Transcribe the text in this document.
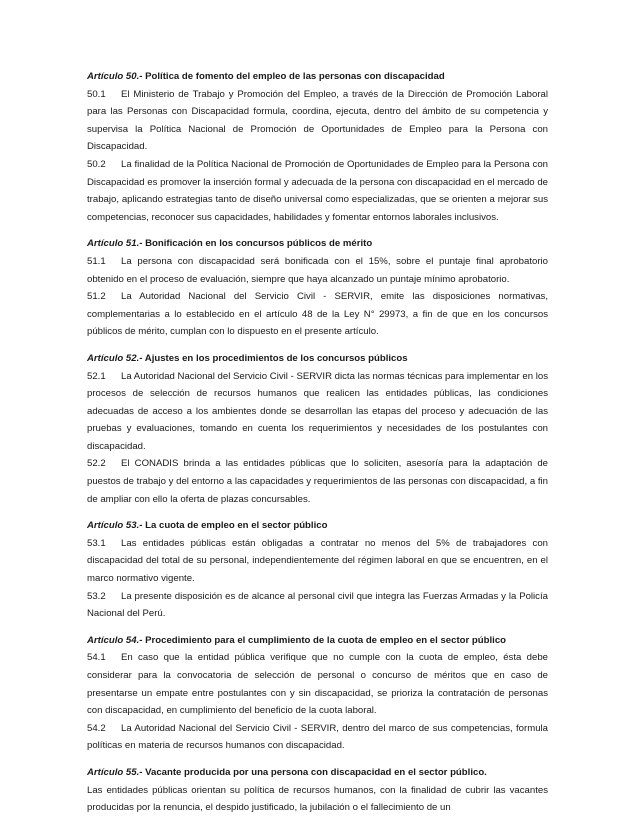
Artículo 50.- Política de fomento del empleo de las personas con discapacidad

50.1 El Ministerio de Trabajo y Promoción del Empleo, a través de la Dirección de Promoción Laboral para las Personas con Discapacidad formula, coordina, ejecuta, dentro del ámbito de su competencia y supervisa la Política Nacional de Promoción de Oportunidades de Empleo para la Persona con Discapacidad.

50.2 La finalidad de la Política Nacional de Promoción de Oportunidades de Empleo para la Persona con Discapacidad es promover la inserción formal y adecuada de la persona con discapacidad en el mercado de trabajo, aplicando estrategias tanto de diseño universal como especializadas, que se orienten a mejorar sus competencias, reconocer sus capacidades, habilidades y fomentar entornos laborales inclusivos.

Artículo 51.- Bonificación en los concursos públicos de mérito

51.1 La persona con discapacidad será bonificada con el 15%, sobre el puntaje final aprobatorio obtenido en el proceso de evaluación, siempre que haya alcanzado un puntaje mínimo aprobatorio.

51.2 La Autoridad Nacional del Servicio Civil - SERVIR, emite las disposiciones normativas, complementarias a lo establecido en el artículo 48 de la Ley N° 29973, a fin de que en los concursos públicos de mérito, cumplan con lo dispuesto en el presente artículo.

Artículo 52.- Ajustes en los procedimientos de los concursos públicos

52.1 La Autoridad Nacional del Servicio Civil - SERVIR dicta las normas técnicas para implementar en los procesos de selección de recursos humanos que realicen las entidades públicas, las condiciones adecuadas de acceso a los ambientes donde se desarrollan las etapas del proceso y adecuación de las pruebas y evaluaciones, tomando en cuenta los requerimientos y necesidades de los postulantes con discapacidad.

52.2 El CONADIS brinda a las entidades públicas que lo soliciten, asesoría para la adaptación de puestos de trabajo y del entorno a las capacidades y requerimientos de las personas con discapacidad, a fin de ampliar con ello la oferta de plazas concursables.

Artículo 53.- La cuota de empleo en el sector público

53.1 Las entidades públicas están obligadas a contratar no menos del 5% de trabajadores con discapacidad del total de su personal, independientemente del régimen laboral en que se encuentren, en el marco normativo vigente.

53.2 La presente disposición es de alcance al personal civil que integra las Fuerzas Armadas y la Policía Nacional del Perú.

Artículo 54.- Procedimiento para el cumplimiento de la cuota de empleo en el sector público

54.1 En caso que la entidad pública verifique que no cumple con la cuota de empleo, ésta debe considerar para la convocatoria de selección de personal o concurso de méritos que en caso de presentarse un empate entre postulantes con y sin discapacidad, se prioriza la contratación de personas con discapacidad, en cumplimiento del beneficio de la cuota laboral.

54.2 La Autoridad Nacional del Servicio Civil - SERVIR, dentro del marco de sus competencias, formula políticas en materia de recursos humanos con discapacidad.

Artículo 55.- Vacante producida por una persona con discapacidad en el sector público.

Las entidades públicas orientan su política de recursos humanos, con la finalidad de cubrir las vacantes producidas por la renuncia, el despido justificado, la jubilación o el fallecimiento de un
